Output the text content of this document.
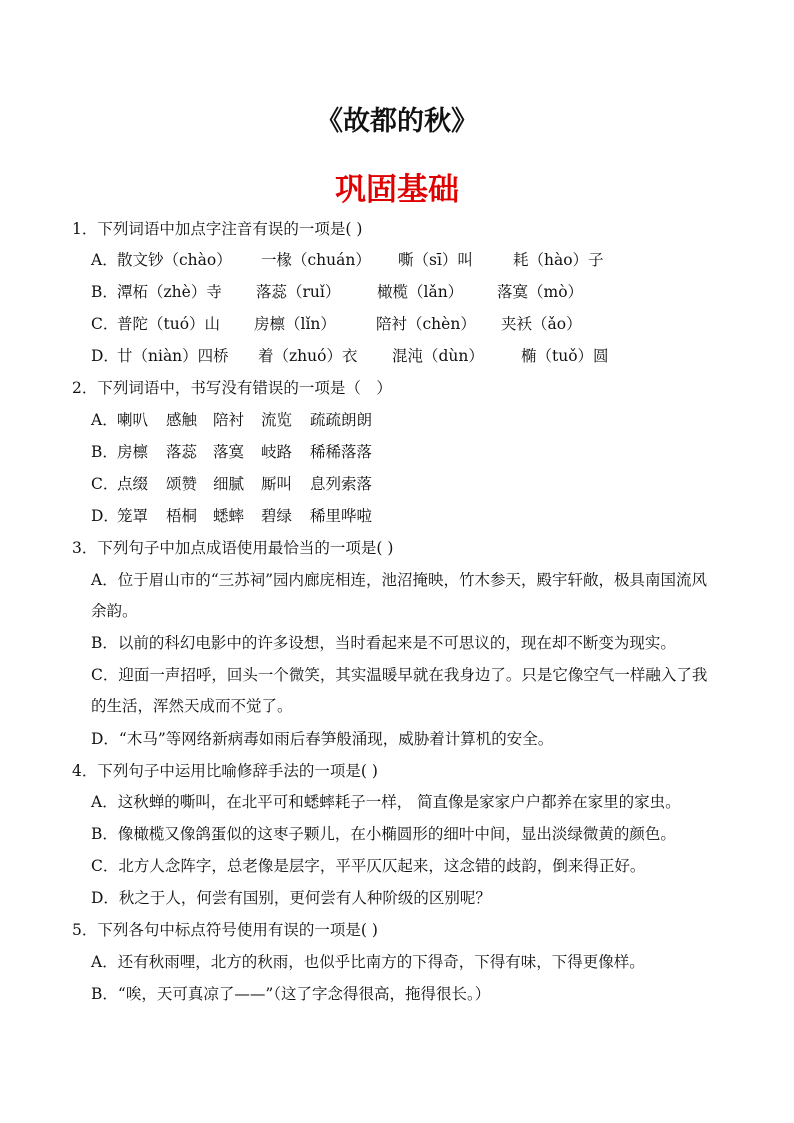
《故都的秋》
巩固基础
1．下列词语中加点字注音有误的一项是( )
A． 散文钞（chào） 一椽（chuán） 嘶（sī）叫	耗（hào）子
B． 潭柘（zhè）寺 落蕊（ruǐ） 橄榄（lǎn） 落寞（mò）
C．
普陀（tuó）山 房檩（lǐn）	陪衬（chèn） 夹袄（ǎo）
D．
廿（niàn）四桥 着（zhuó）衣 混沌（dùn） 椭（tuǒ）圆
2．下列词语中，书写没有错误的一项是（　）
A． 喇叭 感触 陪衬 流览 疏疏朗朗
B． 房檩 落蕊 落寞 岐路 稀稀落落
C．
点缀 颂赞 细腻 厮叫 息列索落
D．
笼罩 梧桐 蟋蟀 碧绿 稀里哗啦
3．下列句子中加点成语使用最恰当的一项是( )
A．位于眉山市的“三苏祠”园内廊庑相连，池沼掩映，竹木参天，殿宇轩敞，极具南国流风
余韵。
B．以前的科幻电影中的许多设想，当时看起来是不可思议的，现在却不断变为现实。
C．迎面一声招呼，回头一个微笑，其实温暖早就在我身边了。只是它像空气一样融入了我
的生活，浑然天成而不觉了。
D．“木马”等网络新病毒如雨后春笋般涌现，威胁着计算机的安全。
4．下列句子中运用比喻修辞手法的一项是( )
A．这秋蝉的嘶叫，在北平可和蟋蟀耗子一样， 简直像是家家户户都养在家里的家虫。
B．像橄榄又像鸽蛋似的这枣子颗儿，在小椭圆形的细叶中间，显出淡绿微黄的颜色。
C．北方人念阵字，总老像是层字，平平仄仄起来，这念错的歧韵，倒来得正好。
D．秋之于人，何尝有国别，更何尝有人种阶级的区别呢？
5．下列各句中标点符号使用有误的一项是( )
A．还有秋雨哩，北方的秋雨，也似乎比南方的下得奇，下得有味，下得更像样。
B．“唉，天可真凉了——”（这了字念得很高，拖得很长。）
